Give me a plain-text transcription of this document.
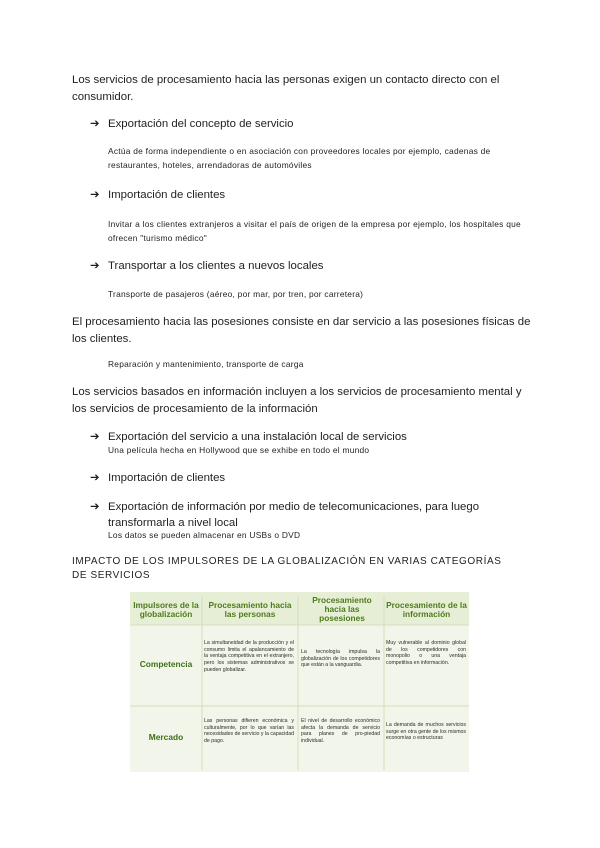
Los servicios de procesamiento hacia las personas exigen un contacto directo con el consumidor.

➔ Exportación del concepto de servicio

Actúa de forma independiente o en asociación con proveedores locales por ejemplo, cadenas de restaurantes, hoteles, arrendadoras de automóviles

➔ Importación de clientes

Invitar a los clientes extranjeros a visitar el país de origen de la empresa por ejemplo, los hospitales que ofrecen "turismo médico"

➔ Transportar a los clientes a nuevos locales

Transporte de pasajeros (aéreo, por mar, por tren, por carretera)

El procesamiento hacia las posesiones consiste en dar servicio a las posesiones físicas de los clientes.

Reparación y mantenimiento, transporte de carga

Los servicios basados en información incluyen a los servicios de procesamiento mental y los servicios de procesamiento de la información

➔ Exportación del servicio a una instalación local de servicios

Una película hecha en Hollywood que se exhibe en todo el mundo

➔ Importación de clientes
➔ Exportación de información por medio de telecomunicaciones, para luego transformarla a nivel local

Los datos se pueden almacenar en USBs o DVD

IMPACTO DE LOS IMPULSORES DE LA GLOBALIZACIÓN EN VARIAS CATEGORÍAS DE SERVICIOS

Impulsores de la globalización
Procesamiento hacia las personas
Procesamiento hacia las posesiones
Procesamiento de la información
Competencia
La simultaneidad de la producción y el consumo limita el apalancamiento de la ventaja competitiva en el extranjero, pero los sistemas administrativos se pueden globalizar.
La tecnología impulsa la globalización de los competidores que están a la vanguardia.
Muy vulnerable al dominio global de los competidores con monopolio o una ventaja competitiva en información.
Mercado
Las personas difieren económica y culturalmente, por lo que varían las necesidades de servicio y la capacidad de pago.
El nivel de desarrollo económico afecta la demanda de servicio para planes de pro-piedad individual.
La demanda de muchos servicios surge en otra gente de los mismos economías o estructuras
